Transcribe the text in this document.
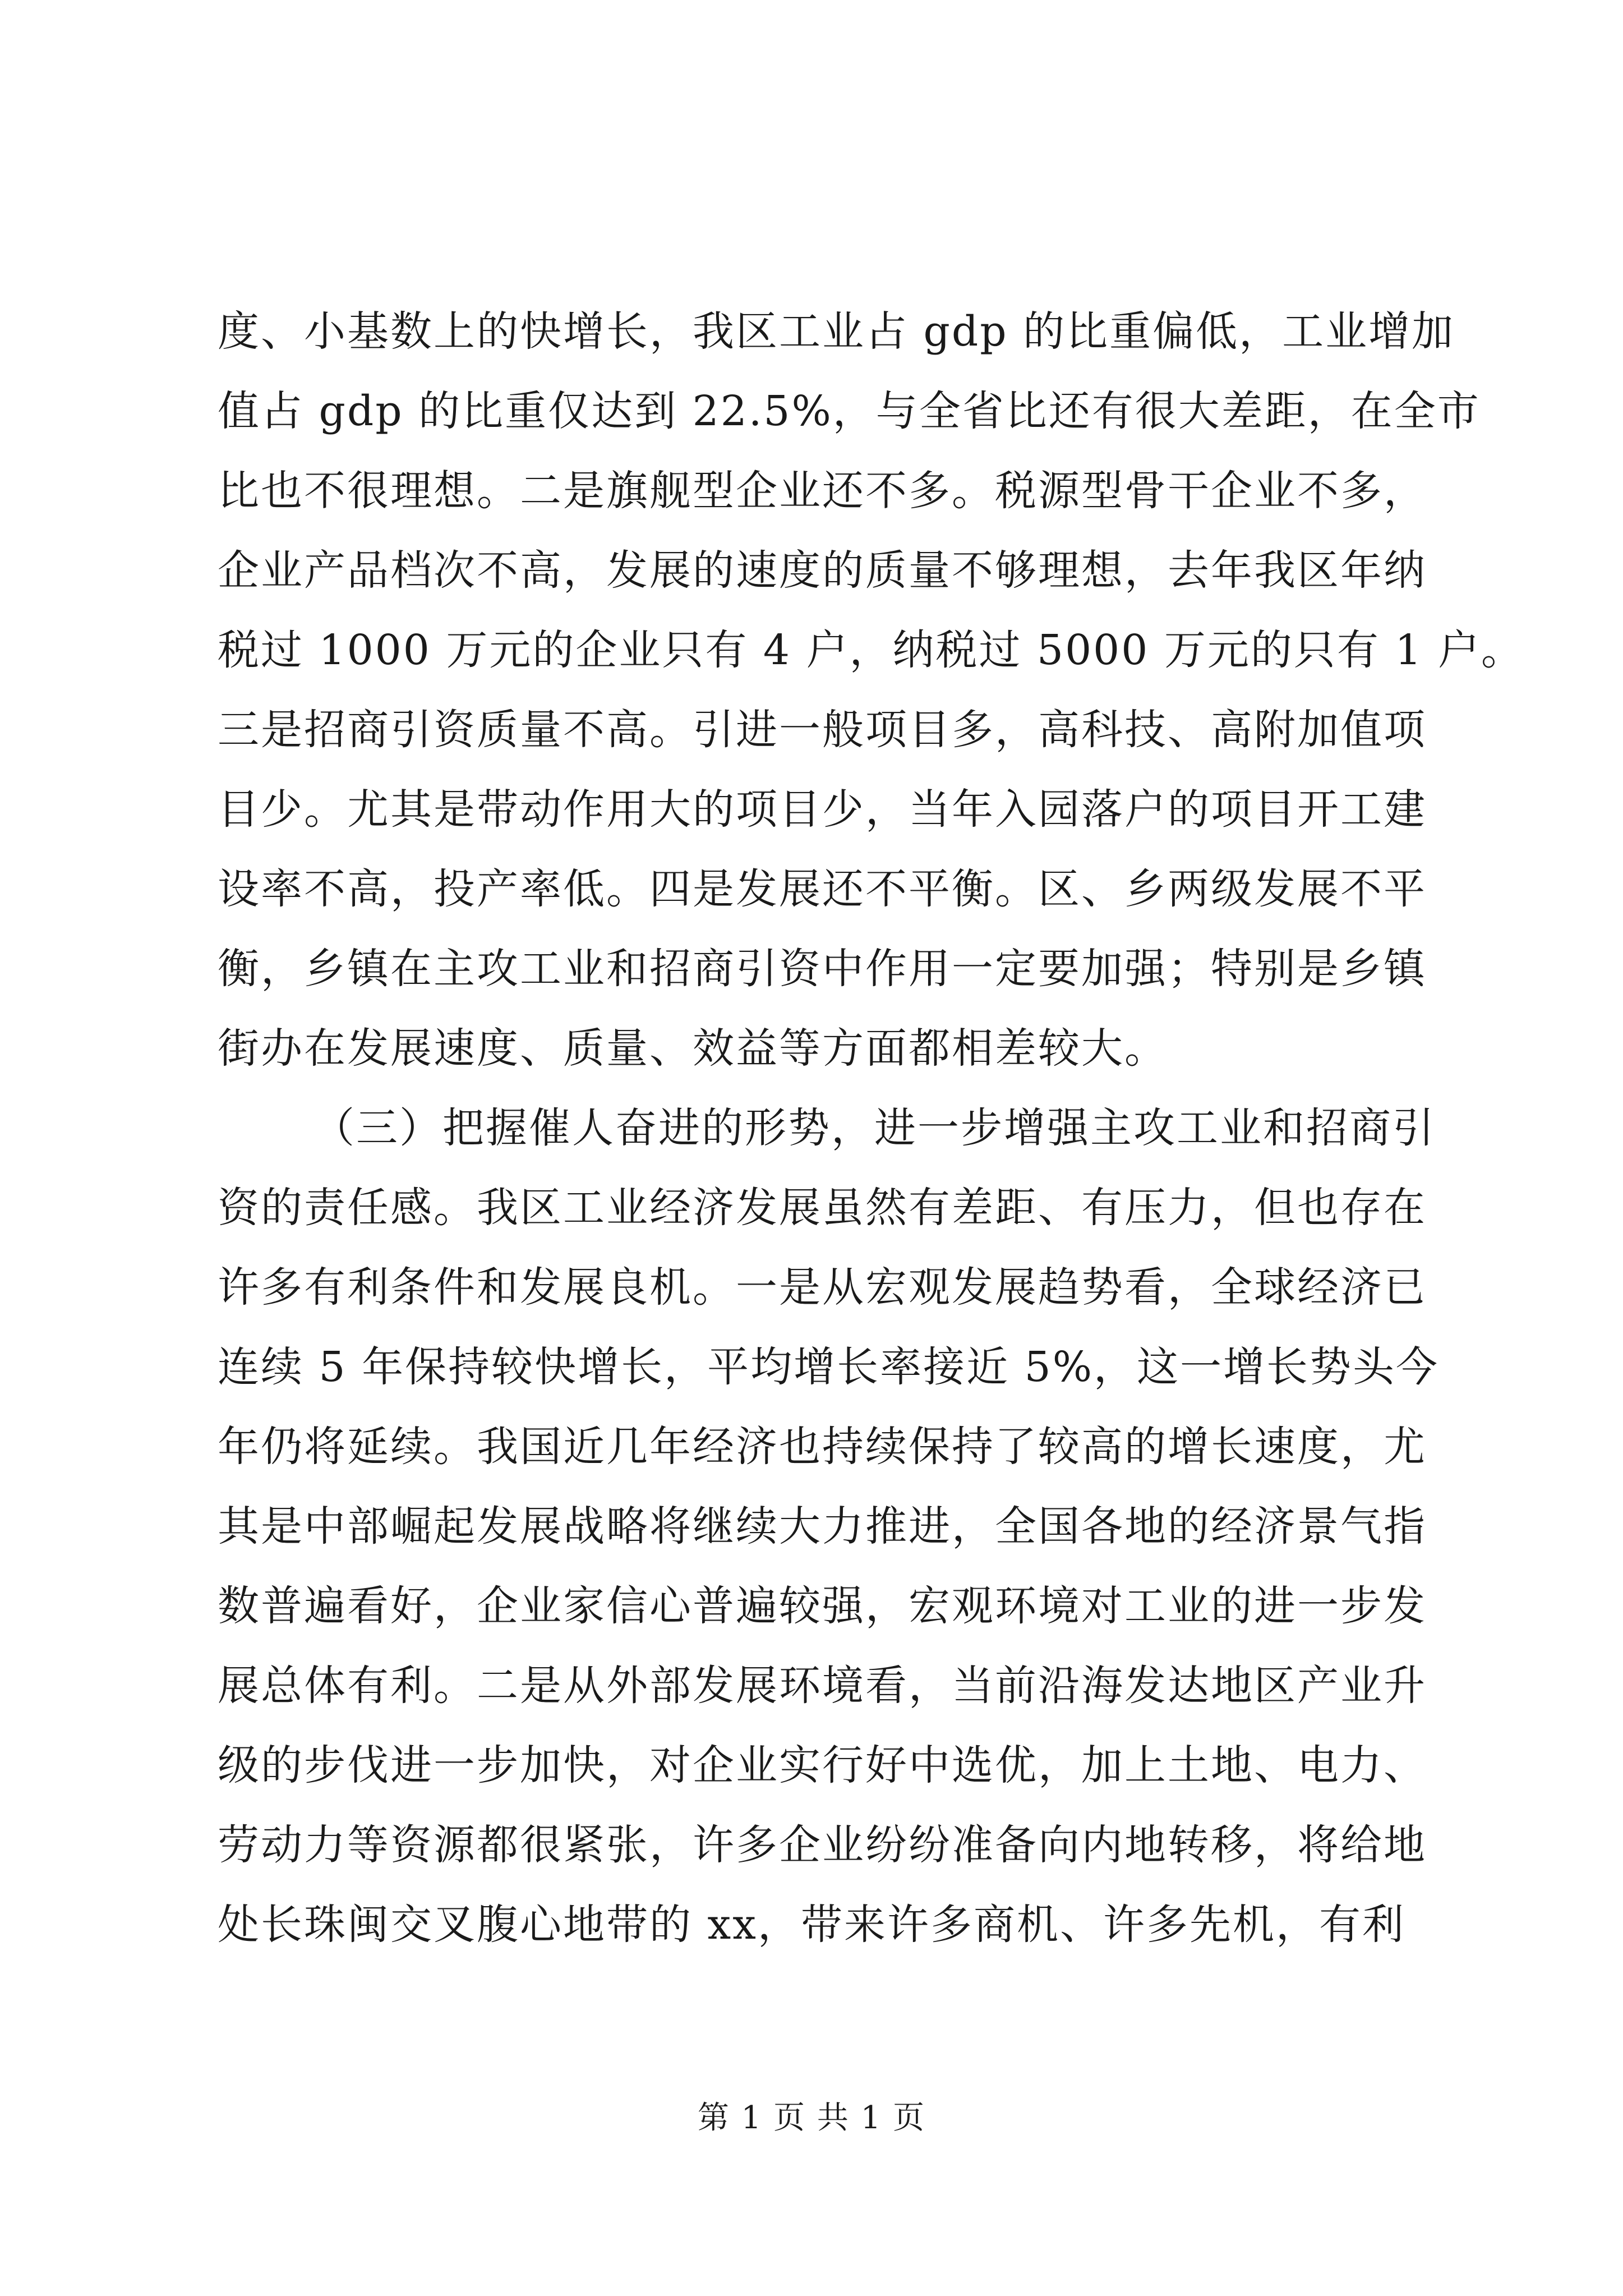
度、小基数上的快增长，我区工业占 gdp 的比重偏低，工业增加
值占 gdp 的比重仅达到 22.5%，与全省比还有很大差距，在全市
比也不很理想。二是旗舰型企业还不多。税源型骨干企业不多，
企业产品档次不高，发展的速度的质量不够理想，去年我区年纳
税过 1000 万元的企业只有 4 户，纳税过 5000 万元的只有 1 户。
三是招商引资质量不高。引进一般项目多，高科技、高附加值项
目少。尤其是带动作用大的项目少，当年入园落户的项目开工建
设率不高，投产率低。四是发展还不平衡。区、乡两级发展不平
衡，乡镇在主攻工业和招商引资中作用一定要加强；特别是乡镇
街办在发展速度、质量、效益等方面都相差较大。
（三）把握催人奋进的形势，进一步增强主攻工业和招商引
资的责任感。我区工业经济发展虽然有差距、有压力，但也存在
许多有利条件和发展良机。一是从宏观发展趋势看，全球经济已
连续 5 年保持较快增长，平均增长率接近 5%，这一增长势头今
年仍将延续。我国近几年经济也持续保持了较高的增长速度，尤
其是中部崛起发展战略将继续大力推进，全国各地的经济景气指
数普遍看好，企业家信心普遍较强，宏观环境对工业的进一步发
展总体有利。二是从外部发展环境看，当前沿海发达地区产业升
级的步伐进一步加快，对企业实行好中选优，加上土地、电力、
劳动力等资源都很紧张，许多企业纷纷准备向内地转移，将给地
处长珠闽交叉腹心地带的 xx，带来许多商机、许多先机，有利
第 1 页 共 1 页
